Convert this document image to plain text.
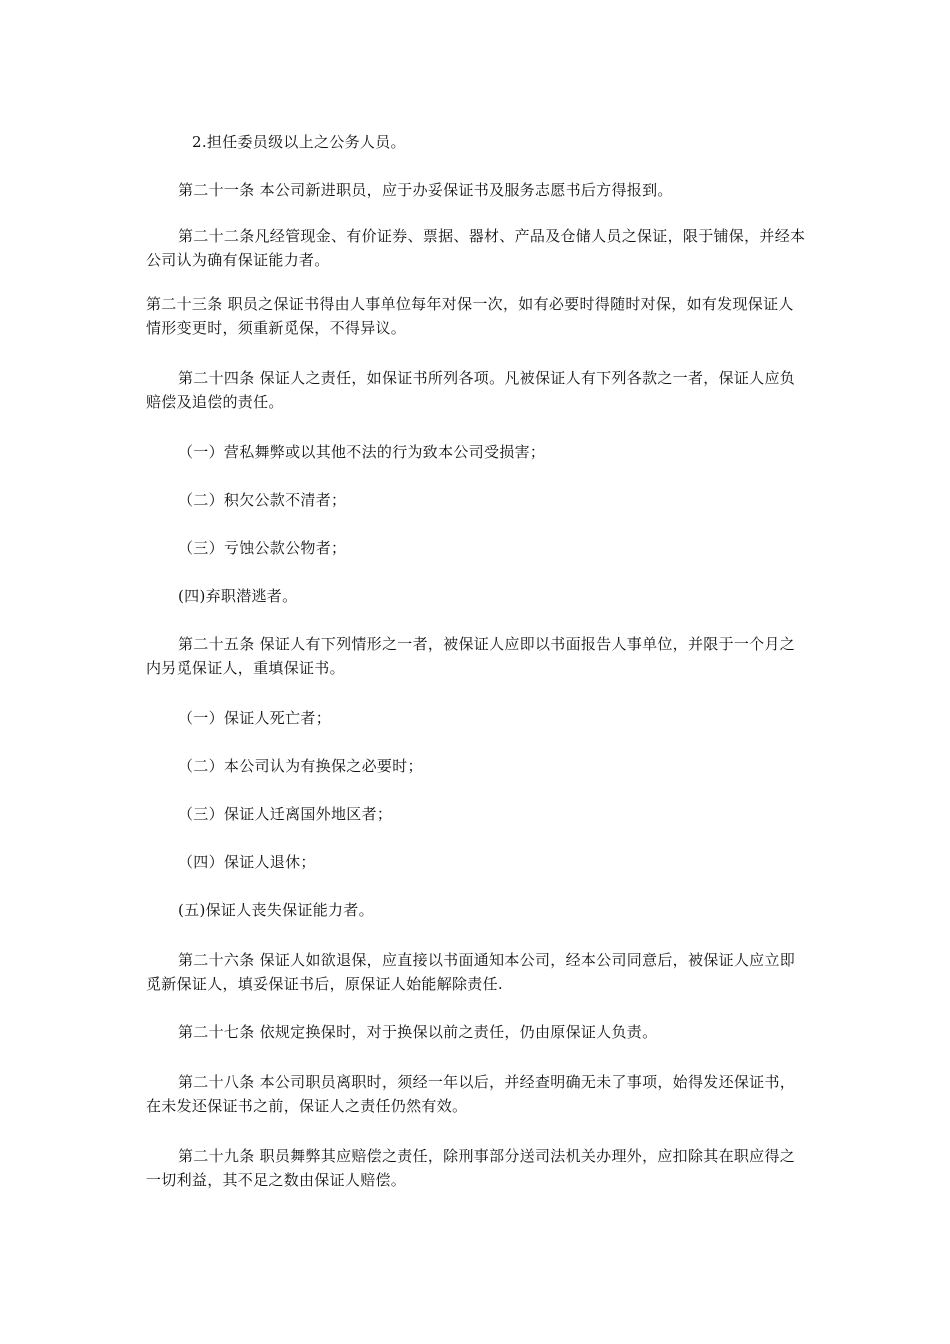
2.担任委员级以上之公务人员。

第二十一条 本公司新进职员，应于办妥保证书及服务志愿书后方得报到。

第二十二条凡经管现金、有价证券、票据、器材、产品及仓储人员之保证，限于铺保，并经本公司认为确有保证能力者。

第二十三条 职员之保证书得由人事单位每年对保一次，如有必要时得随时对保，如有发现保证人情形变更时，须重新觅保，不得异议。

第二十四条 保证人之责任，如保证书所列各项。凡被保证人有下列各款之一者，保证人应负赔偿及追偿的责任。

（一）营私舞弊或以其他不法的行为致本公司受损害；

（二）积欠公款不清者；

（三）亏蚀公款公物者；

(四)弃职潜逃者。

第二十五条 保证人有下列情形之一者，被保证人应即以书面报告人事单位，并限于一个月之内另觅保证人，重填保证书。

（一）保证人死亡者；

（二）本公司认为有换保之必要时；

（三）保证人迁离国外地区者；

（四）保证人退休；

(五)保证人丧失保证能力者。

第二十六条 保证人如欲退保，应直接以书面通知本公司，经本公司同意后，被保证人应立即觅新保证人，填妥保证书后，原保证人始能解除责任.

第二十七条 依规定换保时，对于换保以前之责任，仍由原保证人负责。

第二十八条 本公司职员离职时，须经一年以后，并经查明确无未了事项，始得发还保证书，在未发还保证书之前，保证人之责任仍然有效。

第二十九条 职员舞弊其应赔偿之责任，除刑事部分送司法机关办理外，应扣除其在职应得之一切利益，其不足之数由保证人赔偿。
